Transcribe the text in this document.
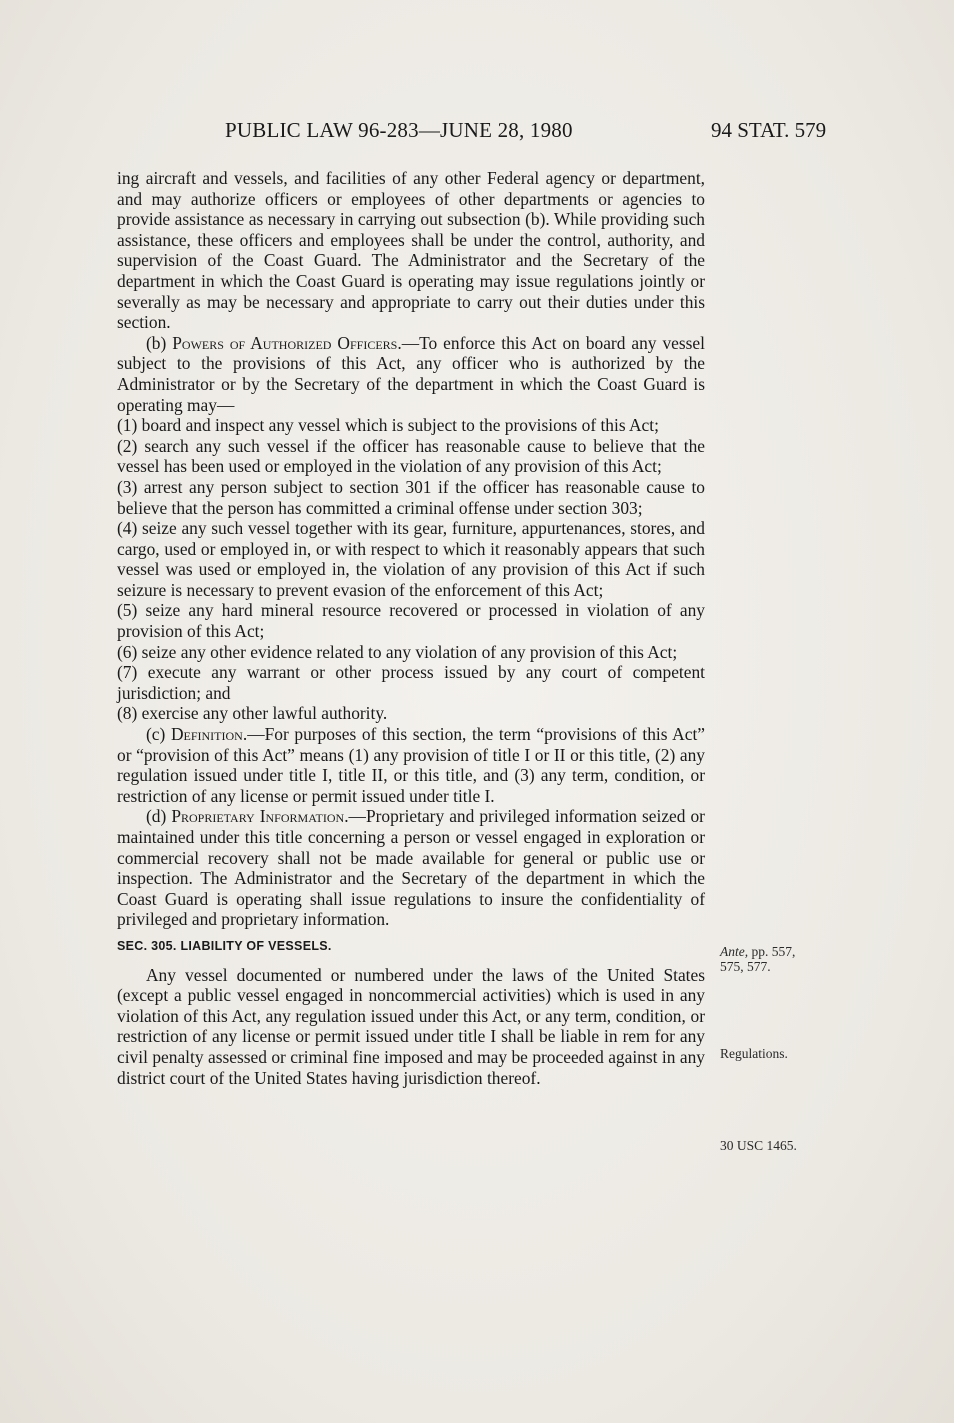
PUBLIC LAW 96-283—JUNE 28, 1980	94 STAT. 579

ing aircraft and vessels, and facilities of any other Federal agency or department, and may authorize officers or employees of other departments or agencies to provide assistance as necessary in carrying out subsection (b). While providing such assistance, these officers and employees shall be under the control, authority, and supervision of the Coast Guard. The Administrator and the Secretary of the department in which the Coast Guard is operating may issue regulations jointly or severally as may be necessary and appropriate to carry out their duties under this section.

(b) Powers of Authorized Officers.—To enforce this Act on board any vessel subject to the provisions of this Act, any officer who is authorized by the Administrator or by the Secretary of the department in which the Coast Guard is operating may—

(1) board and inspect any vessel which is subject to the provisions of this Act;

(2) search any such vessel if the officer has reasonable cause to believe that the vessel has been used or employed in the violation of any provision of this Act;

(3) arrest any person subject to section 301 if the officer has reasonable cause to believe that the person has committed a criminal offense under section 303;

(4) seize any such vessel together with its gear, furniture, appurtenances, stores, and cargo, used or employed in, or with respect to which it reasonably appears that such vessel was used or employed in, the violation of any provision of this Act if such seizure is necessary to prevent evasion of the enforcement of this Act;

(5) seize any hard mineral resource recovered or processed in violation of any provision of this Act;

(6) seize any other evidence related to any violation of any provision of this Act;

(7) execute any warrant or other process issued by any court of competent jurisdiction; and

(8) exercise any other lawful authority.

(c) Definition.—For purposes of this section, the term “provisions of this Act” or “provision of this Act” means (1) any provision of title I or II or this title, (2) any regulation issued under title I, title II, or this title, and (3) any term, condition, or restriction of any license or permit issued under title I.

(d) Proprietary Information.—Proprietary and privileged information seized or maintained under this title concerning a person or vessel engaged in exploration or commercial recovery shall not be made available for general or public use or inspection. The Administrator and the Secretary of the department in which the Coast Guard is operating shall issue regulations to insure the confidentiality of privileged and proprietary information.

SEC. 305. LIABILITY OF VESSELS.

Any vessel documented or numbered under the laws of the United States (except a public vessel engaged in noncommercial activities) which is used in any violation of this Act, any regulation issued under this Act, or any term, condition, or restriction of any license or permit issued under title I shall be liable in rem for any civil penalty assessed or criminal fine imposed and may be proceeded against in any district court of the United States having jurisdiction thereof.

Ante, pp. 557,
575, 577.
Regulations.
30 USC 1465.
